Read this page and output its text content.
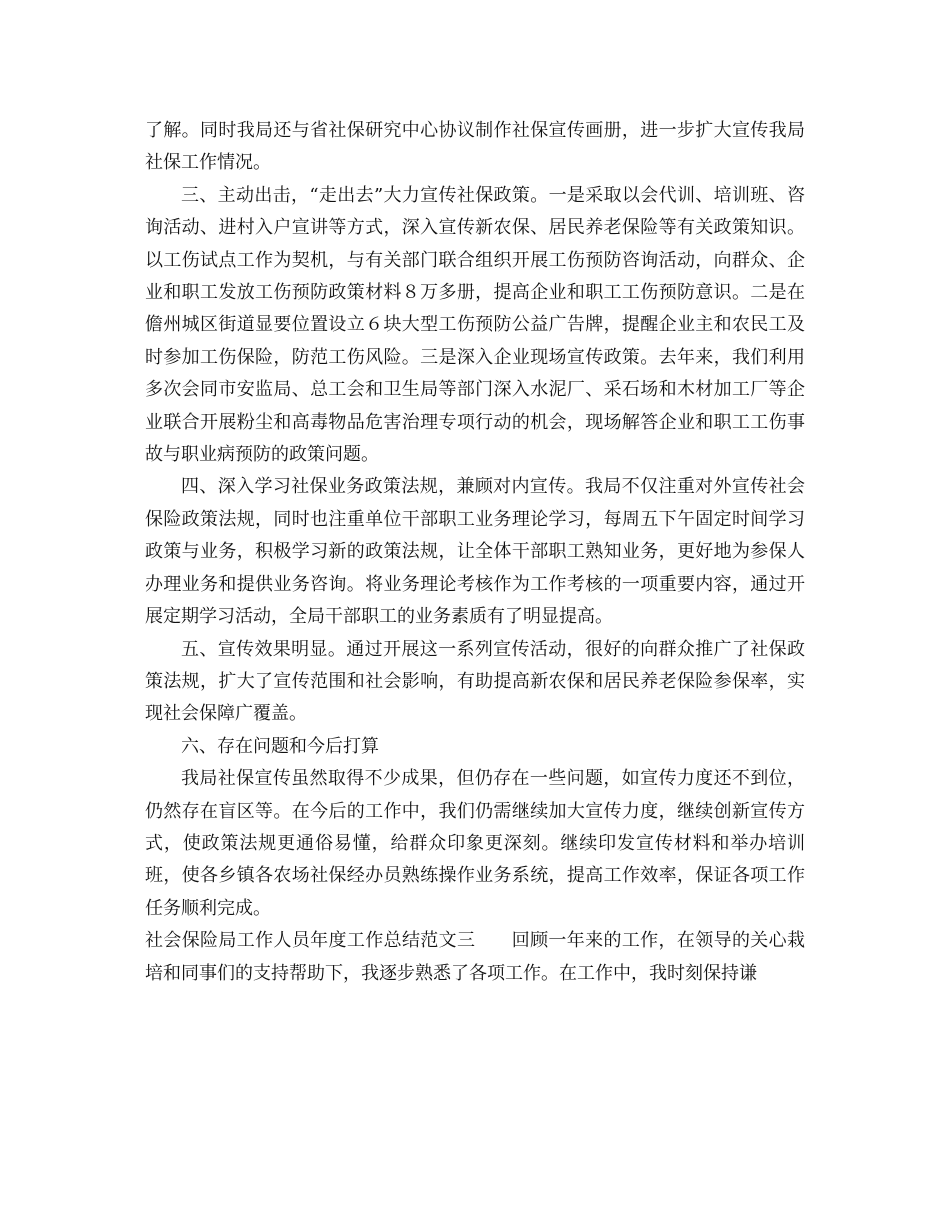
了解。同时我局还与省社保研究中心协议制作社保宣传画册，进一步扩大宣传我局社保工作情况。

三、主动出击，“走出去”大力宣传社保政策。一是采取以会代训、培训班、咨询活动、进村入户宣讲等方式，深入宣传新农保、居民养老保险等有关政策知识。以工伤试点工作为契机，与有关部门联合组织开展工伤预防咨询活动，向群众、企业和职工发放工伤预防政策材料８万多册，提高企业和职工工伤预防意识。二是在儋州城区街道显要位置设立６块大型工伤预防公益广告牌，提醒企业主和农民工及时参加工伤保险，防范工伤风险。三是深入企业现场宣传政策。去年来，我们利用多次会同市安监局、总工会和卫生局等部门深入水泥厂、采石场和木材加工厂等企业联合开展粉尘和高毒物品危害治理专项行动的机会，现场解答企业和职工工伤事故与职业病预防的政策问题。

四、深入学习社保业务政策法规，兼顾对内宣传。我局不仅注重对外宣传社会保险政策法规，同时也注重单位干部职工业务理论学习，每周五下午固定时间学习政策与业务，积极学习新的政策法规，让全体干部职工熟知业务，更好地为参保人办理业务和提供业务咨询。将业务理论考核作为工作考核的一项重要内容，通过开展定期学习活动，全局干部职工的业务素质有了明显提高。

五、宣传效果明显。通过开展这一系列宣传活动，很好的向群众推广了社保政策法规，扩大了宣传范围和社会影响，有助提高新农保和居民养老保险参保率，实现社会保障广覆盖。

六、存在问题和今后打算

我局社保宣传虽然取得不少成果，但仍存在一些问题，如宣传力度还不到位，仍然存在盲区等。在今后的工作中，我们仍需继续加大宣传力度，继续创新宣传方式，使政策法规更通俗易懂，给群众印象更深刻。继续印发宣传材料和举办培训班，使各乡镇各农场社保经办员熟练操作业务系统，提高工作效率，保证各项工作任务顺利完成。

社会保险局工作人员年度工作总结范文三 回顾一年来的工作，在领导的关心栽培和同事们的支持帮助下，我逐步熟悉了各项工作。在工作中，我时刻保持谦
